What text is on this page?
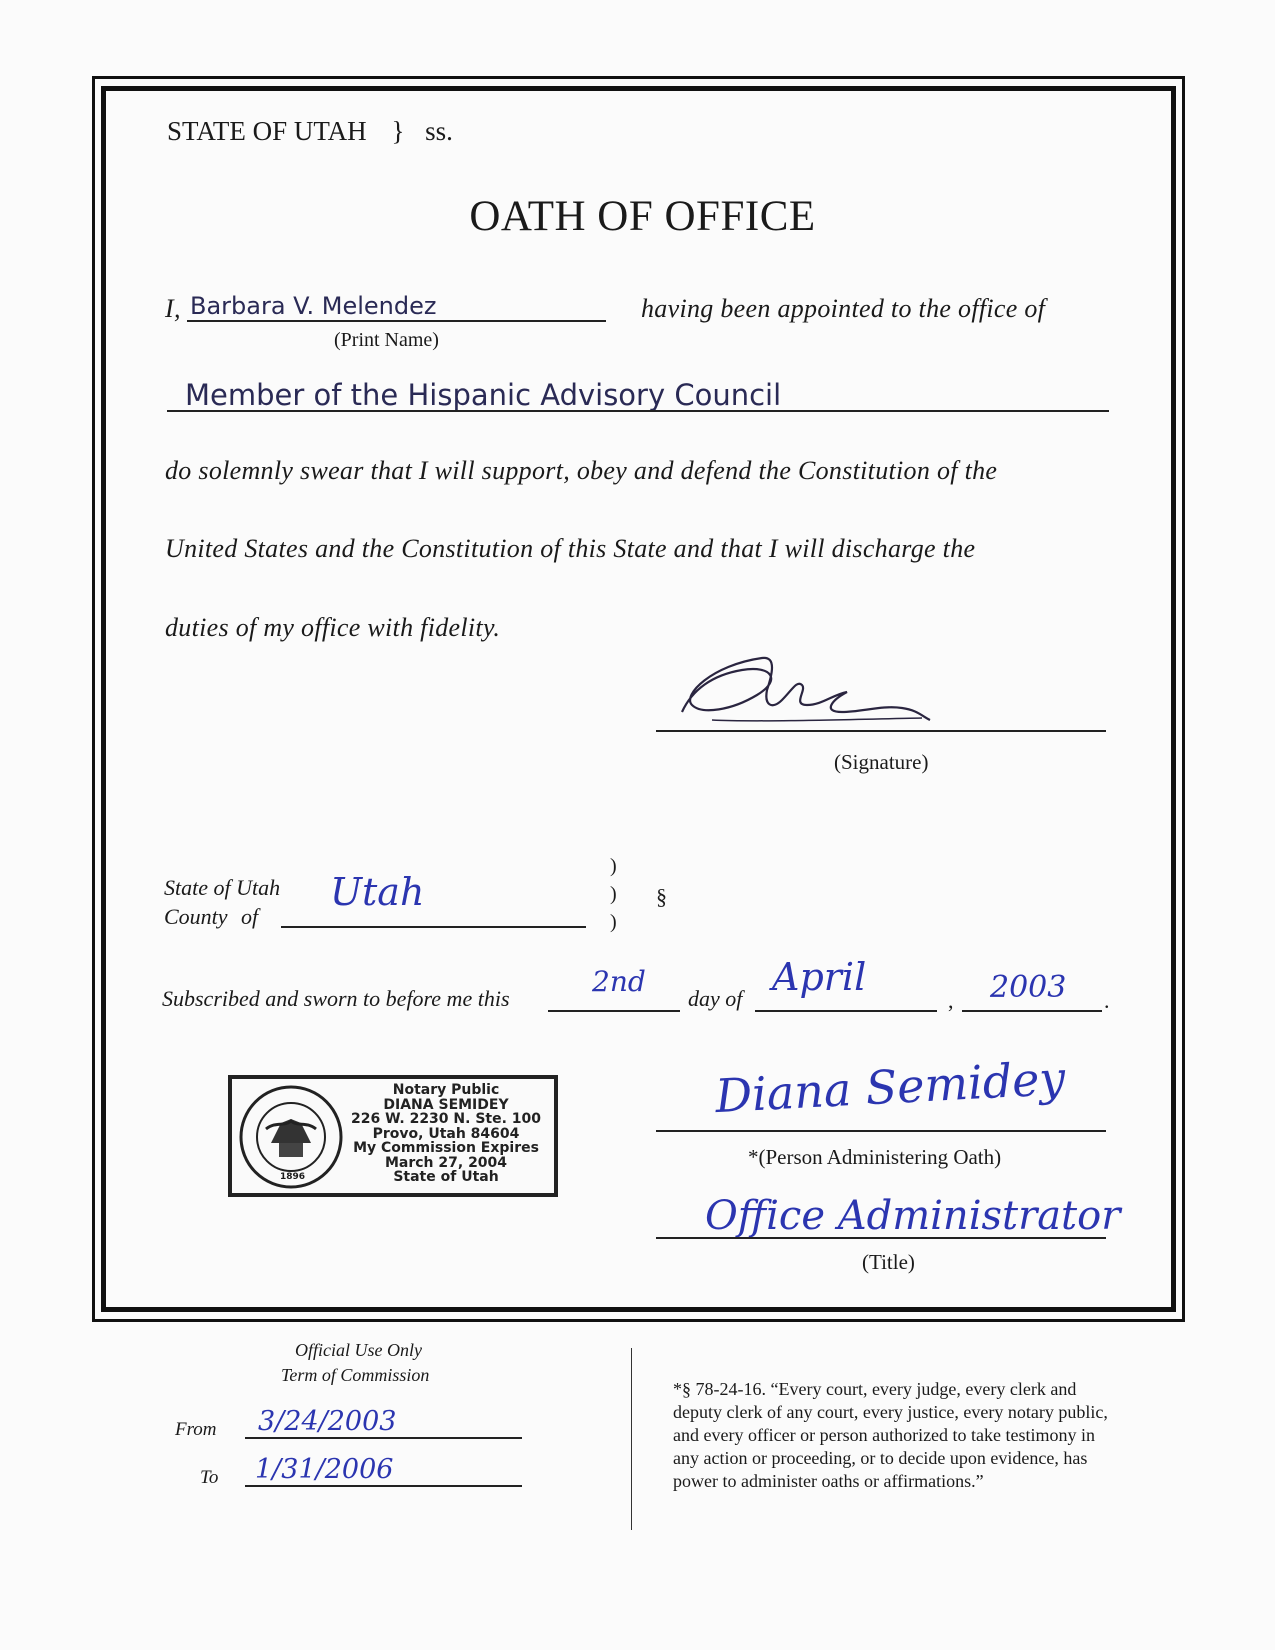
STATE OF UTAH } ss.
OATH OF OFFICE
I, Barbara V. Melendez
(Print Name)
having been appointed to the office of
Member of the Hispanic Advisory Council
do solemnly swear that I will support, obey and defend the Constitution of the
United States and the Constitution of this State and that I will discharge the
duties of my office with fidelity.
(Signature)
State of Utah
County of
Utah
)
)
)
§
Subscribed and sworn to before me this
2nd
day of April
, 2003 .
1896
Notary Public
DIANA SEMIDEY
226 W. 2230 N. Ste. 100
Provo, Utah 84604
My Commission Expires
March 27, 2004
State of Utah
Diana Semidey
*(Person Administering Oath)
Office Administrator
(Title)
Official Use Only
Term of Commission
From 3/24/2003
To 1/31/2006
*§ 78-24-16. “Every court, every judge, every clerk and
deputy clerk of any court, every justice, every notary public,
and every officer or person authorized to take testimony in
any action or proceeding, or to decide upon evidence, has
power to administer oaths or affirmations.”
